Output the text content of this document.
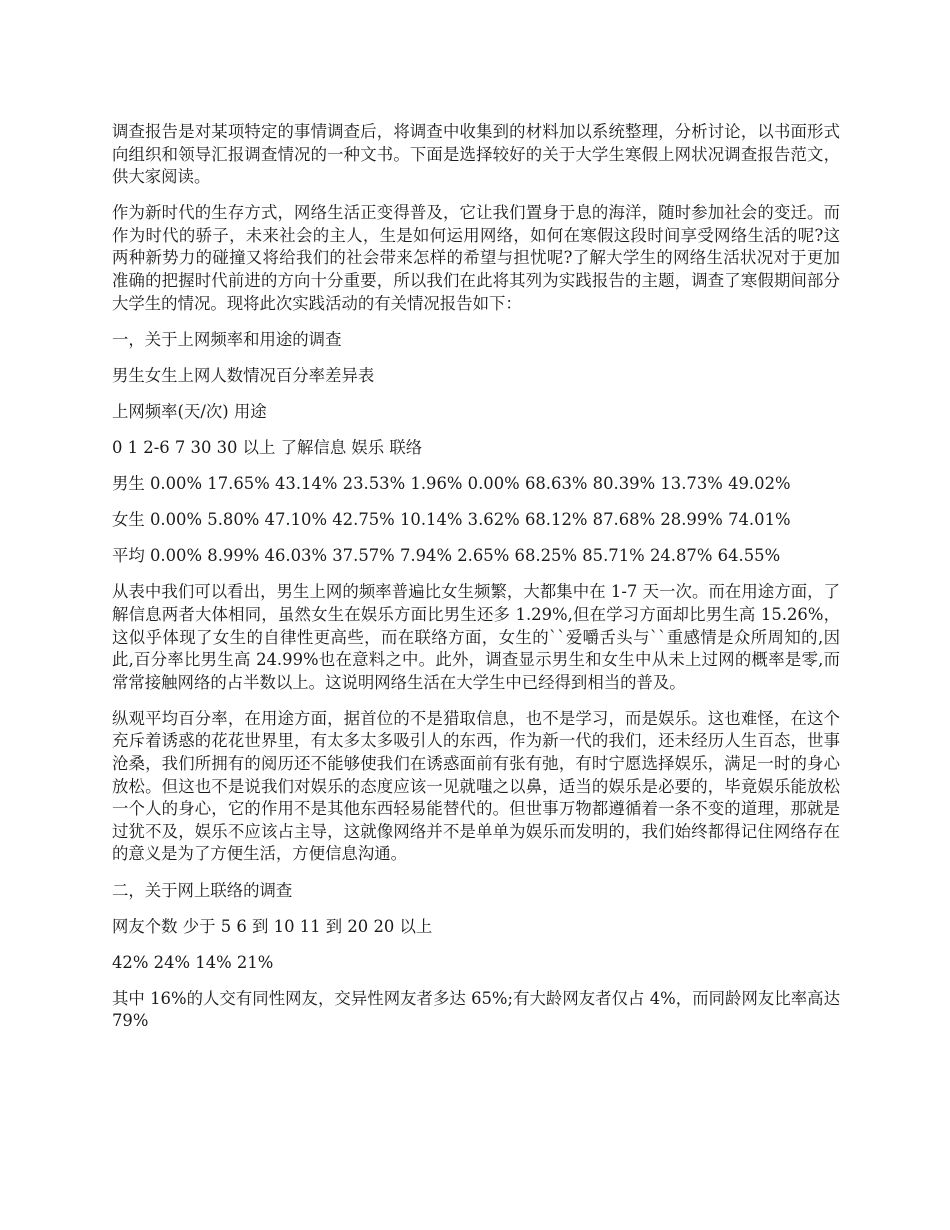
调查报告是对某项特定的事情调查后，将调查中收集到的材料加以系统整理，分析讨论，以书面形式向组织和领导汇报调查情况的一种文书。下面是选择较好的关于大学生寒假上网状况调查报告范文，供大家阅读。

作为新时代的生存方式，网络生活正变得普及，它让我们置身于息的海洋，随时参加社会的变迁。而作为时代的骄子，未来社会的主人，生是如何运用网络，如何在寒假这段时间享受网络生活的呢?这两种新势力的碰撞又将给我们的社会带来怎样的希望与担忧呢?了解大学生的网络生活状况对于更加准确的把握时代前进的方向十分重要，所以我们在此将其列为实践报告的主题，调查了寒假期间部分大学生的情况。现将此次实践活动的有关情况报告如下：

一，关于上网频率和用途的调查

男生女生上网人数情况百分率差异表

上网频率(天/次) 用途

0 1 2-6 7 30 30 以上 了解信息 娱乐 联络

男生 0.00% 17.65% 43.14% 23.53% 1.96% 0.00% 68.63% 80.39% 13.73% 49.02%

女生 0.00% 5.80% 47.10% 42.75% 10.14% 3.62% 68.12% 87.68% 28.99% 74.01%

平均 0.00% 8.99% 46.03% 37.57% 7.94% 2.65% 68.25% 85.71% 24.87% 64.55%

从表中我们可以看出，男生上网的频率普遍比女生频繁，大都集中在 1-7 天一次。而在用途方面，了解信息两者大体相同，虽然女生在娱乐方面比男生还多 1.29%,但在学习方面却比男生高 15.26%，这似乎体现了女生的自律性更高些，而在联络方面，女生的``爱嚼舌头与``重感情是众所周知的,因此,百分率比男生高 24.99%也在意料之中。此外，调查显示男生和女生中从未上过网的概率是零,而常常接触网络的占半数以上。这说明网络生活在大学生中已经得到相当的普及。

纵观平均百分率，在用途方面，据首位的不是猎取信息，也不是学习，而是娱乐。这也难怪，在这个充斥着诱惑的花花世界里，有太多太多吸引人的东西，作为新一代的我们，还未经历人生百态，世事沧桑，我们所拥有的阅历还不能够使我们在诱惑面前有张有弛，有时宁愿选择娱乐，满足一时的身心放松。但这也不是说我们对娱乐的态度应该一见就嗤之以鼻，适当的娱乐是必要的，毕竟娱乐能放松一个人的身心，它的作用不是其他东西轻易能替代的。但世事万物都遵循着一条不变的道理，那就是过犹不及，娱乐不应该占主导，这就像网络并不是单单为娱乐而发明的，我们始终都得记住网络存在的意义是为了方便生活，方便信息沟通。

二，关于网上联络的调查

网友个数 少于 5 6 到 10 11 到 20 20 以上

42% 24% 14% 21%

其中 16%的人交有同性网友，交异性网友者多达 65%;有大龄网友者仅占 4%，而同龄网友比率高达 79%
